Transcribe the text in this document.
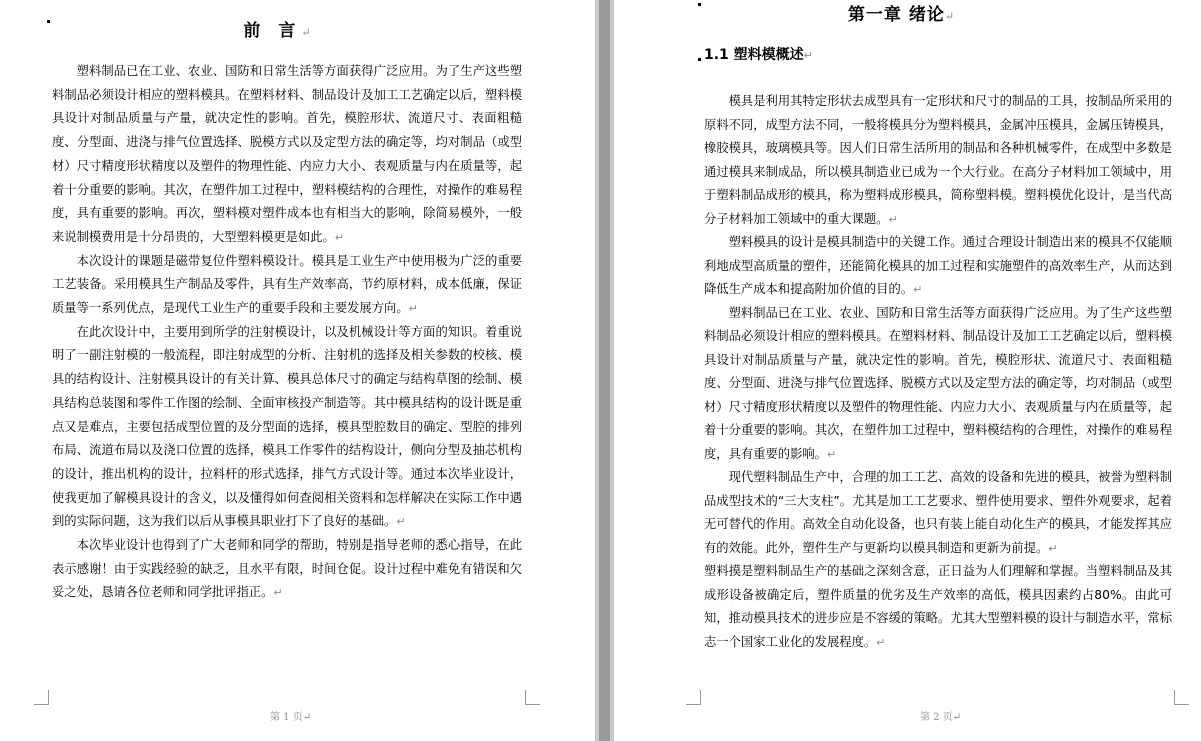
前 言↵

塑料制品已在工业、农业、国防和日常生活等方面获得广泛应用。为了生产这些塑料制品必须设计相应的塑料模具。在塑料材料、制品设计及加工工艺确定以后，塑料模具设计对制品质量与产量，就决定性的影响。首先，模腔形状、流道尺寸、表面粗糙度、分型面、进浇与排气位置选择、脱模方式以及定型方法的确定等，均对制品（或型材）尺寸精度形状精度以及塑件的物理性能、内应力大小、表观质量与内在质量等，起着十分重要的影响。其次，在塑件加工过程中，塑料模结构的合理性，对操作的难易程度，具有重要的影响。再次，塑料模对塑件成本也有相当大的影响，除简易模外，一般来说制模费用是十分昂贵的，大型塑料模更是如此。↵

本次设计的课题是磁带复位件塑料模设计。模具是工业生产中使用极为广泛的重要工艺装备。采用模具生产制品及零件，具有生产效率高，节约原材料，成本低廉，保证质量等一系列优点，是现代工业生产的重要手段和主要发展方向。↵

在此次设计中，主要用到所学的注射模设计，以及机械设计等方面的知识。着重说明了一副注射模的一般流程，即注射成型的分析、注射机的选择及相关参数的校核、模具的结构设计、注射模具设计的有关计算、模具总体尺寸的确定与结构草图的绘制、模具结构总装图和零件工作图的绘制、全面审核投产制造等。其中模具结构的设计既是重点又是难点，主要包括成型位置的及分型面的选择，模具型腔数目的确定、型腔的排列布局、流道布局以及浇口位置的选择，模具工作零件的结构设计，侧向分型及抽芯机构的设计，推出机构的设计，拉料杆的形式选择，排气方式设计等。通过本次毕业设计，使我更加了解模具设计的含义，以及懂得如何查阅相关资料和怎样解决在实际工作中遇到的实际问题，这为我们以后从事模具职业打下了良好的基础。↵

本次毕业设计也得到了广大老师和同学的帮助，特别是指导老师的悉心指导，在此表示感谢！由于实践经验的缺乏，且水平有限，时间仓促。设计过程中难免有错误和欠妥之处，恳请各位老师和同学批评指正。↵

第 1 页↵
第一章 绪论↵
1.1 塑料模概述↵

模具是利用其特定形状去成型具有一定形状和尺寸的制品的工具，按制品所采用的原料不同，成型方法不同，一般将模具分为塑料模具，金属冲压模具，金属压铸模具，橡胶模具，玻璃模具等。因人们日常生活所用的制品和各种机械零件，在成型中多数是通过模具来制成品，所以模具制造业已成为一个大行业。在高分子材料加工领域中，用于塑料制品成形的模具，称为塑料成形模具，简称塑料模。塑料模优化设计，是当代高分子材料加工领域中的重大课题。↵

塑料模具的设计是模具制造中的关键工作。通过合理设计制造出来的模具不仅能顺利地成型高质量的塑件，还能简化模具的加工过程和实施塑件的高效率生产，从而达到降低生产成本和提高附加价值的目的。↵

塑料制品已在工业、农业、国防和日常生活等方面获得广泛应用。为了生产这些塑料制品必须设计相应的塑料模具。在塑料材料、制品设计及加工工艺确定以后，塑料模具设计对制品质量与产量，就决定性的影响。首先，模腔形状、流道尺寸、表面粗糙度、分型面、进浇与排气位置选择、脱模方式以及定型方法的确定等，均对制品（或型材）尺寸精度形状精度以及塑件的物理性能、内应力大小、表观质量与内在质量等，起着十分重要的影响。其次，在塑件加工过程中，塑料模结构的合理性，对操作的难易程度，具有重要的影响。↵

现代塑料制品生产中，合理的加工工艺、高效的设备和先进的模具，被誉为塑料制品成型技术的“三大支柱”。尤其是加工工艺要求、塑件使用要求、塑件外观要求，起着无可替代的作用。高效全自动化设备，也只有装上能自动化生产的模具，才能发挥其应有的效能。此外，塑件生产与更新均以模具制造和更新为前提。↵

塑料摸是塑料制品生产的基础之深刻含意，正日益为人们理解和掌握。当塑料制品及其成形设备被确定后，塑件质量的优劣及生产效率的高低，模具因素约占80%。由此可知，推动模具技术的进步应是不容缓的策略。尤其大型塑料模的设计与制造水平，常标志一个国家工业化的发展程度。↵

第 2 页↵
